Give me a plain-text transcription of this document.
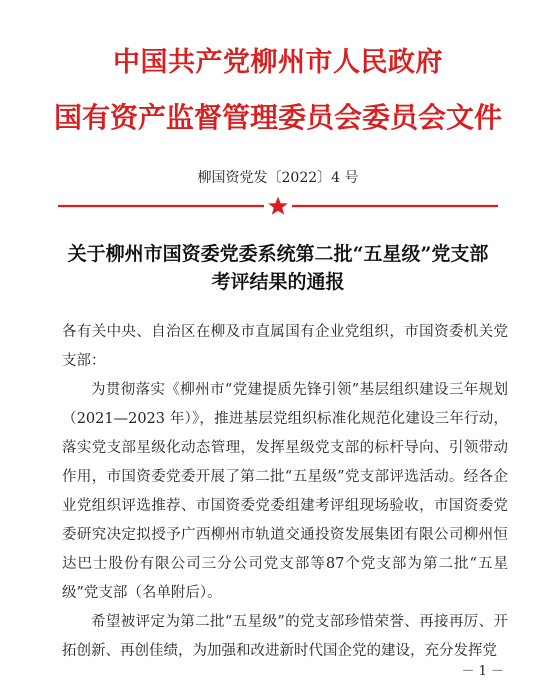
中国共产党柳州市人民政府
国有资产监督管理委员会委员会文件
柳国资党发〔2022〕4 号
关于柳州市国资委党委系统第二批“五星级”党支部
考评结果的通报
各有关中央、自治区在柳及市直属国有企业党组织，市国资委机关党支部：
为贯彻落实《柳州市“党建提质先锋引领”基层组织建设三年规划（2021—2023 年）》，推进基层党组织标准化规范化建设三年行动，落实党支部星级化动态管理，发挥星级党支部的标杆导向、引领带动作用，市国资委党委开展了第二批“五星级”党支部评选活动。经各企业党组织评选推荐、市国资委党委组建考评组现场验收，市国资委党委研究决定拟授予广西柳州市轨道交通投资发展集团有限公司柳州恒达巴士股份有限公司三分公司党支部等87个党支部为第二批“五星级”党支部（名单附后）。
希望被评定为第二批“五星级”的党支部珍惜荣誉、再接再厉、开拓创新、再创佳绩，为加强和改进新时代国企党的建设，充分发挥党
－ 1 －
